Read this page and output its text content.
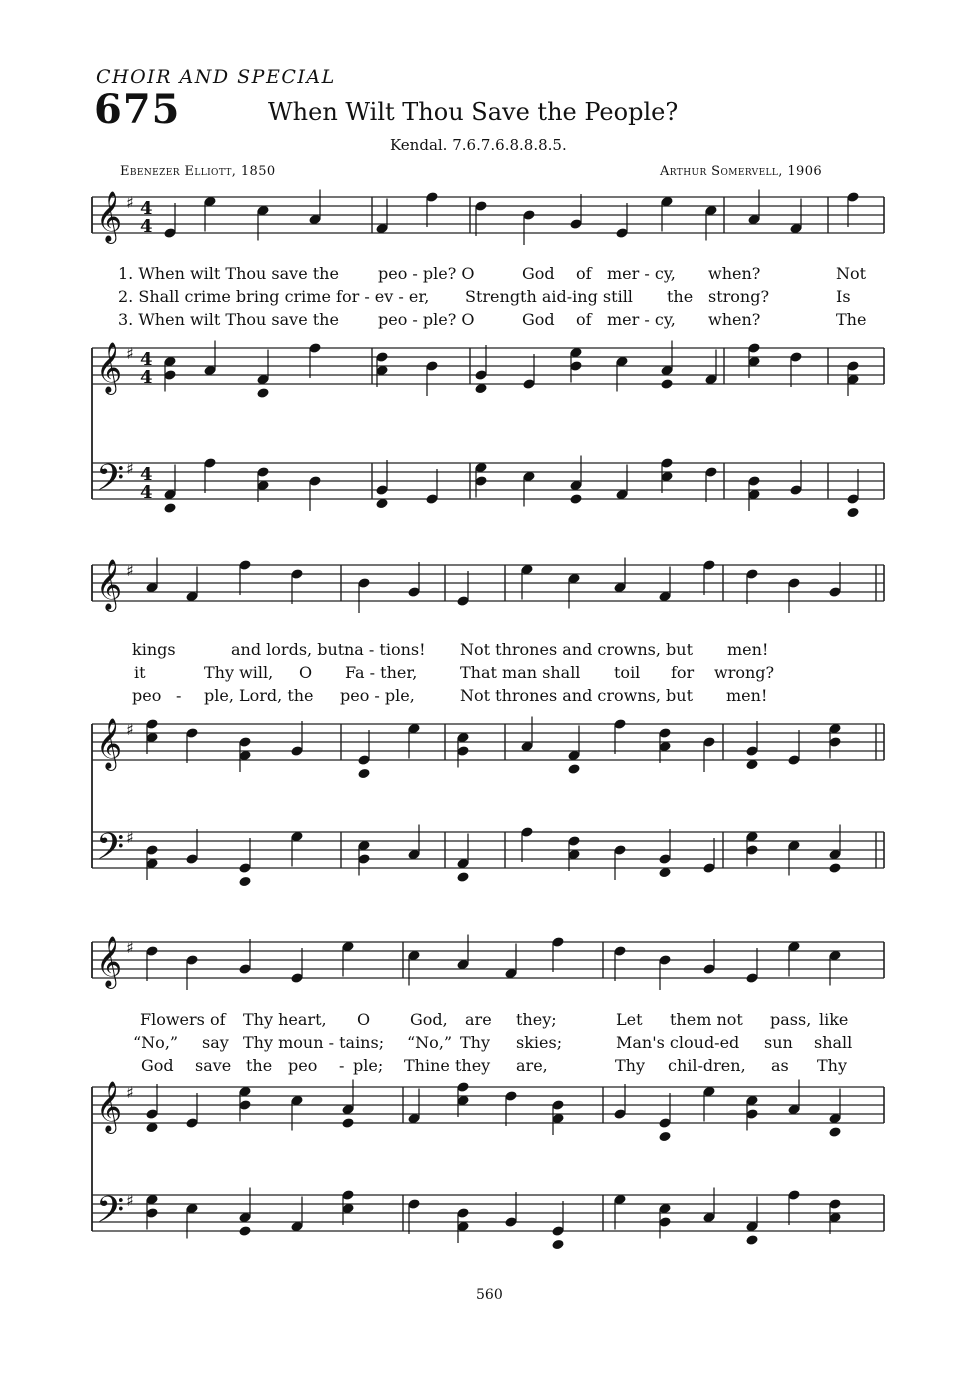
CHOIR AND SPECIAL
675	When Wilt Thou Save the People?
Kendal. 7.6.7.6.8.8.8.5.
Ebenezer Elliott, 1850	Arthur Somervell, 1906
𝄞 ♯ 4
4
𝄞 ♯ 4
4
𝄢 ♯ 4
4
𝄞 ♯
𝄞 ♯
𝄢 ♯
𝄞 ♯
𝄞 ♯
𝄢 ♯
1. When wilt Thou save the peo - ple? O	God of mer - cy, when?	Not
2. Shall crime bring crime for - ev - er, Strength aid-ing still the strong?	Is
3. When wilt Thou save the peo - ple? O	God of mer - cy, when?	The
kings	and lords, but na - tions! Not thrones and crowns, but men!
it	Thy will, O Fa - ther,	That man shall toil for wrong?
peo - ple, Lord, the peo - ple,	Not thrones and crowns, but men!
Flowers of Thy heart, O God, are they;	Let them not pass, like
“No,” say Thy moun - tains; “No,” Thy skies;	Man's cloud-ed sun shall
God save the peo - ple; Thine they are,	Thy chil-dren, as Thy
560
